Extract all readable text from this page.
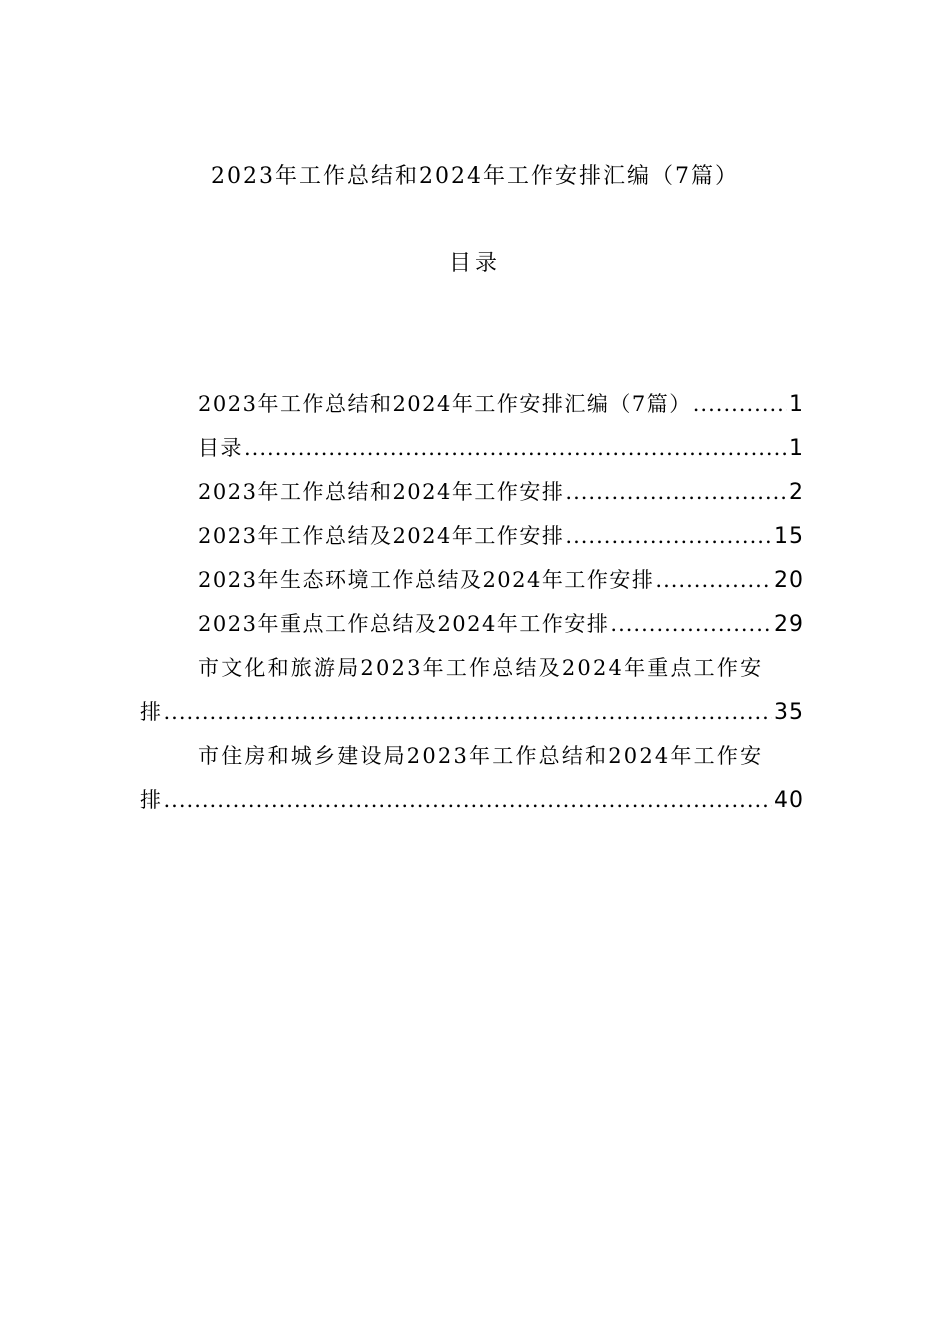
2023年工作总结和2024年工作安排汇编（7篇）
目录
2023年工作总结和2024年工作安排汇编（7篇） .....	1
目录 .....	1
2023年工作总结和2024年工作安排 .....	2
2023年工作总结及2024年工作安排 .....	15
2023年生态环境工作总结及2024年工作安排 .....	20
2023年重点工作总结及2024年工作安排 .....	29
市文化和旅游局2023年工作总结及2024年重点工作安
排 .....	35
市住房和城乡建设局2023年工作总结和2024年工作安
排 .....	40
